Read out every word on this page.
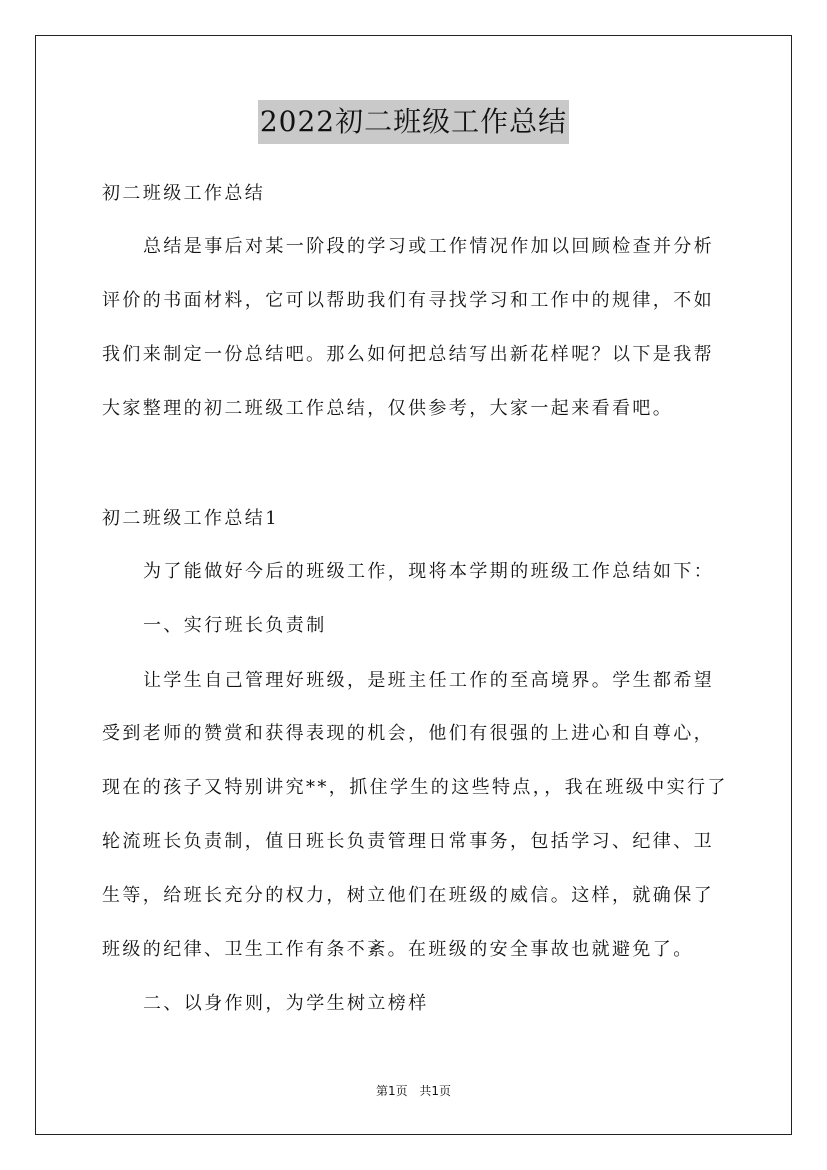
2022初二班级工作总结
初二班级工作总结
总结是事后对某一阶段的学习或工作情况作加以回顾检查并分析
评价的书面材料，它可以帮助我们有寻找学习和工作中的规律，不如
我们来制定一份总结吧。那么如何把总结写出新花样呢？以下是我帮
大家整理的初二班级工作总结，仅供参考，大家一起来看看吧。
初二班级工作总结1
为了能做好今后的班级工作，现将本学期的班级工作总结如下：
一、实行班长负责制
让学生自己管理好班级，是班主任工作的至高境界。学生都希望
受到老师的赞赏和获得表现的机会，他们有很强的上进心和自尊心，
现在的孩子又特别讲究**，抓住学生的这些特点，，我在班级中实行了
轮流班长负责制，值日班长负责管理日常事务，包括学习、纪律、卫
生等，给班长充分的权力，树立他们在班级的威信。这样，就确保了
班级的纪律、卫生工作有条不紊。在班级的安全事故也就避免了。
二、以身作则，为学生树立榜样
第1页 共1页
